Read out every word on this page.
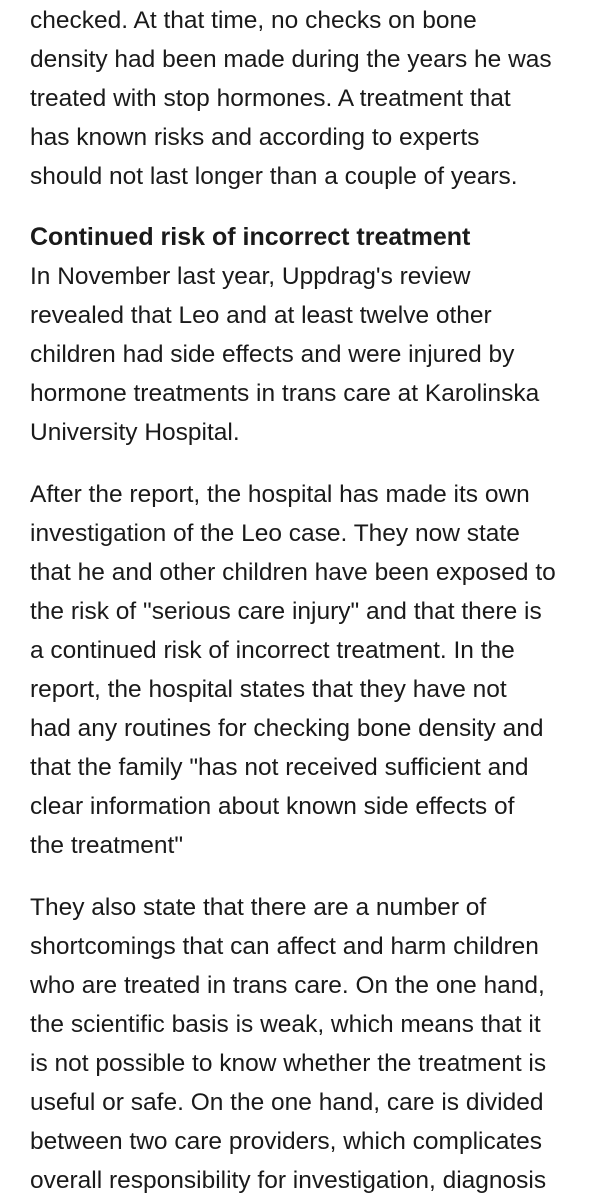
checked. At that time, no checks on bone
density had been made during the years he was
treated with stop hormones. A treatment that
has known risks and according to experts
should not last longer than a couple of years.

Continued risk of incorrect treatment

In November last year, Uppdrag's review
revealed that Leo and at least twelve other
children had side effects and were injured by
hormone treatments in trans care at Karolinska
University Hospital.

After the report, the hospital has made its own
investigation of the Leo case. They now state
that he and other children have been exposed to
the risk of "serious care injury" and that there is
a continued risk of incorrect treatment. In the
report, the hospital states that they have not
had any routines for checking bone density and
that the family "has not received sufficient and
clear information about known side effects of
the treatment"

They also state that there are a number of
shortcomings that can affect and harm children
who are treated in trans care. On the one hand,
the scientific basis is weak, which means that it
is not possible to know whether the treatment is
useful or safe. On the one hand, care is divided
between two care providers, which complicates
overall responsibility for investigation, diagnosis
